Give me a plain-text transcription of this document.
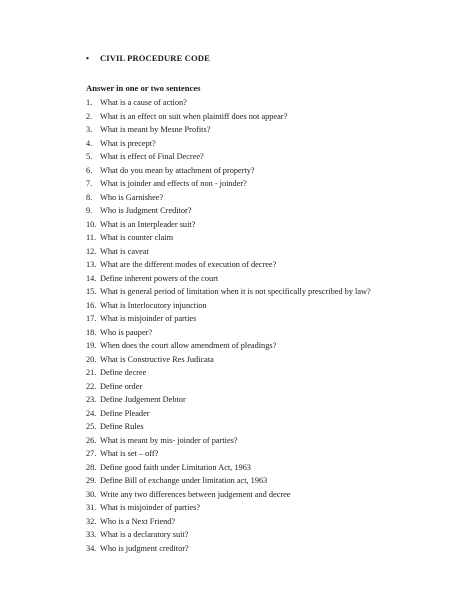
• CIVIL PROCEDURE CODE
Answer in one or two sentences
1. What is a cause of action?
2. What is an effect on suit when plaintiff does not appear?
3. What is meant by Mesne Profits?
4. What is precept?
5. What is effect of Final Decree?
6. What do you mean by attachment of property?
7. What is joinder and effects of non - joinder?
8. Who is Garnishee?
9. Who is Judgment Creditor?
10. What is an Interpleader suit?
11. What is counter claim
12. What is caveat
13. What are the different modes of execution of decree?
14. Define inherent powers of the court
15. What is general period of limitation when it is not specifically prescribed by law?
16. What is Interlocutory injunction
17. What is misjoinder of parties
18. Who is pauper?
19. When does the court allow amendment of pleadings?
20. What is Constructive Res Judicata
21. Define decree
22. Define order
23. Define Judgement Debtor
24. Define Pleader
25. Define Rules
26. What is meant by mis- joinder of parties?
27. What is set – off?
28. Define good faith under Limitation Act, 1963
29. Define Bill of exchange under limitation act, 1963
30. Write any two differences between judgement and decree
31. What is misjoinder of parties?
32. Who is a Next Friend?
33. What is a declaratory suit?
34. Who is judgment creditor?
